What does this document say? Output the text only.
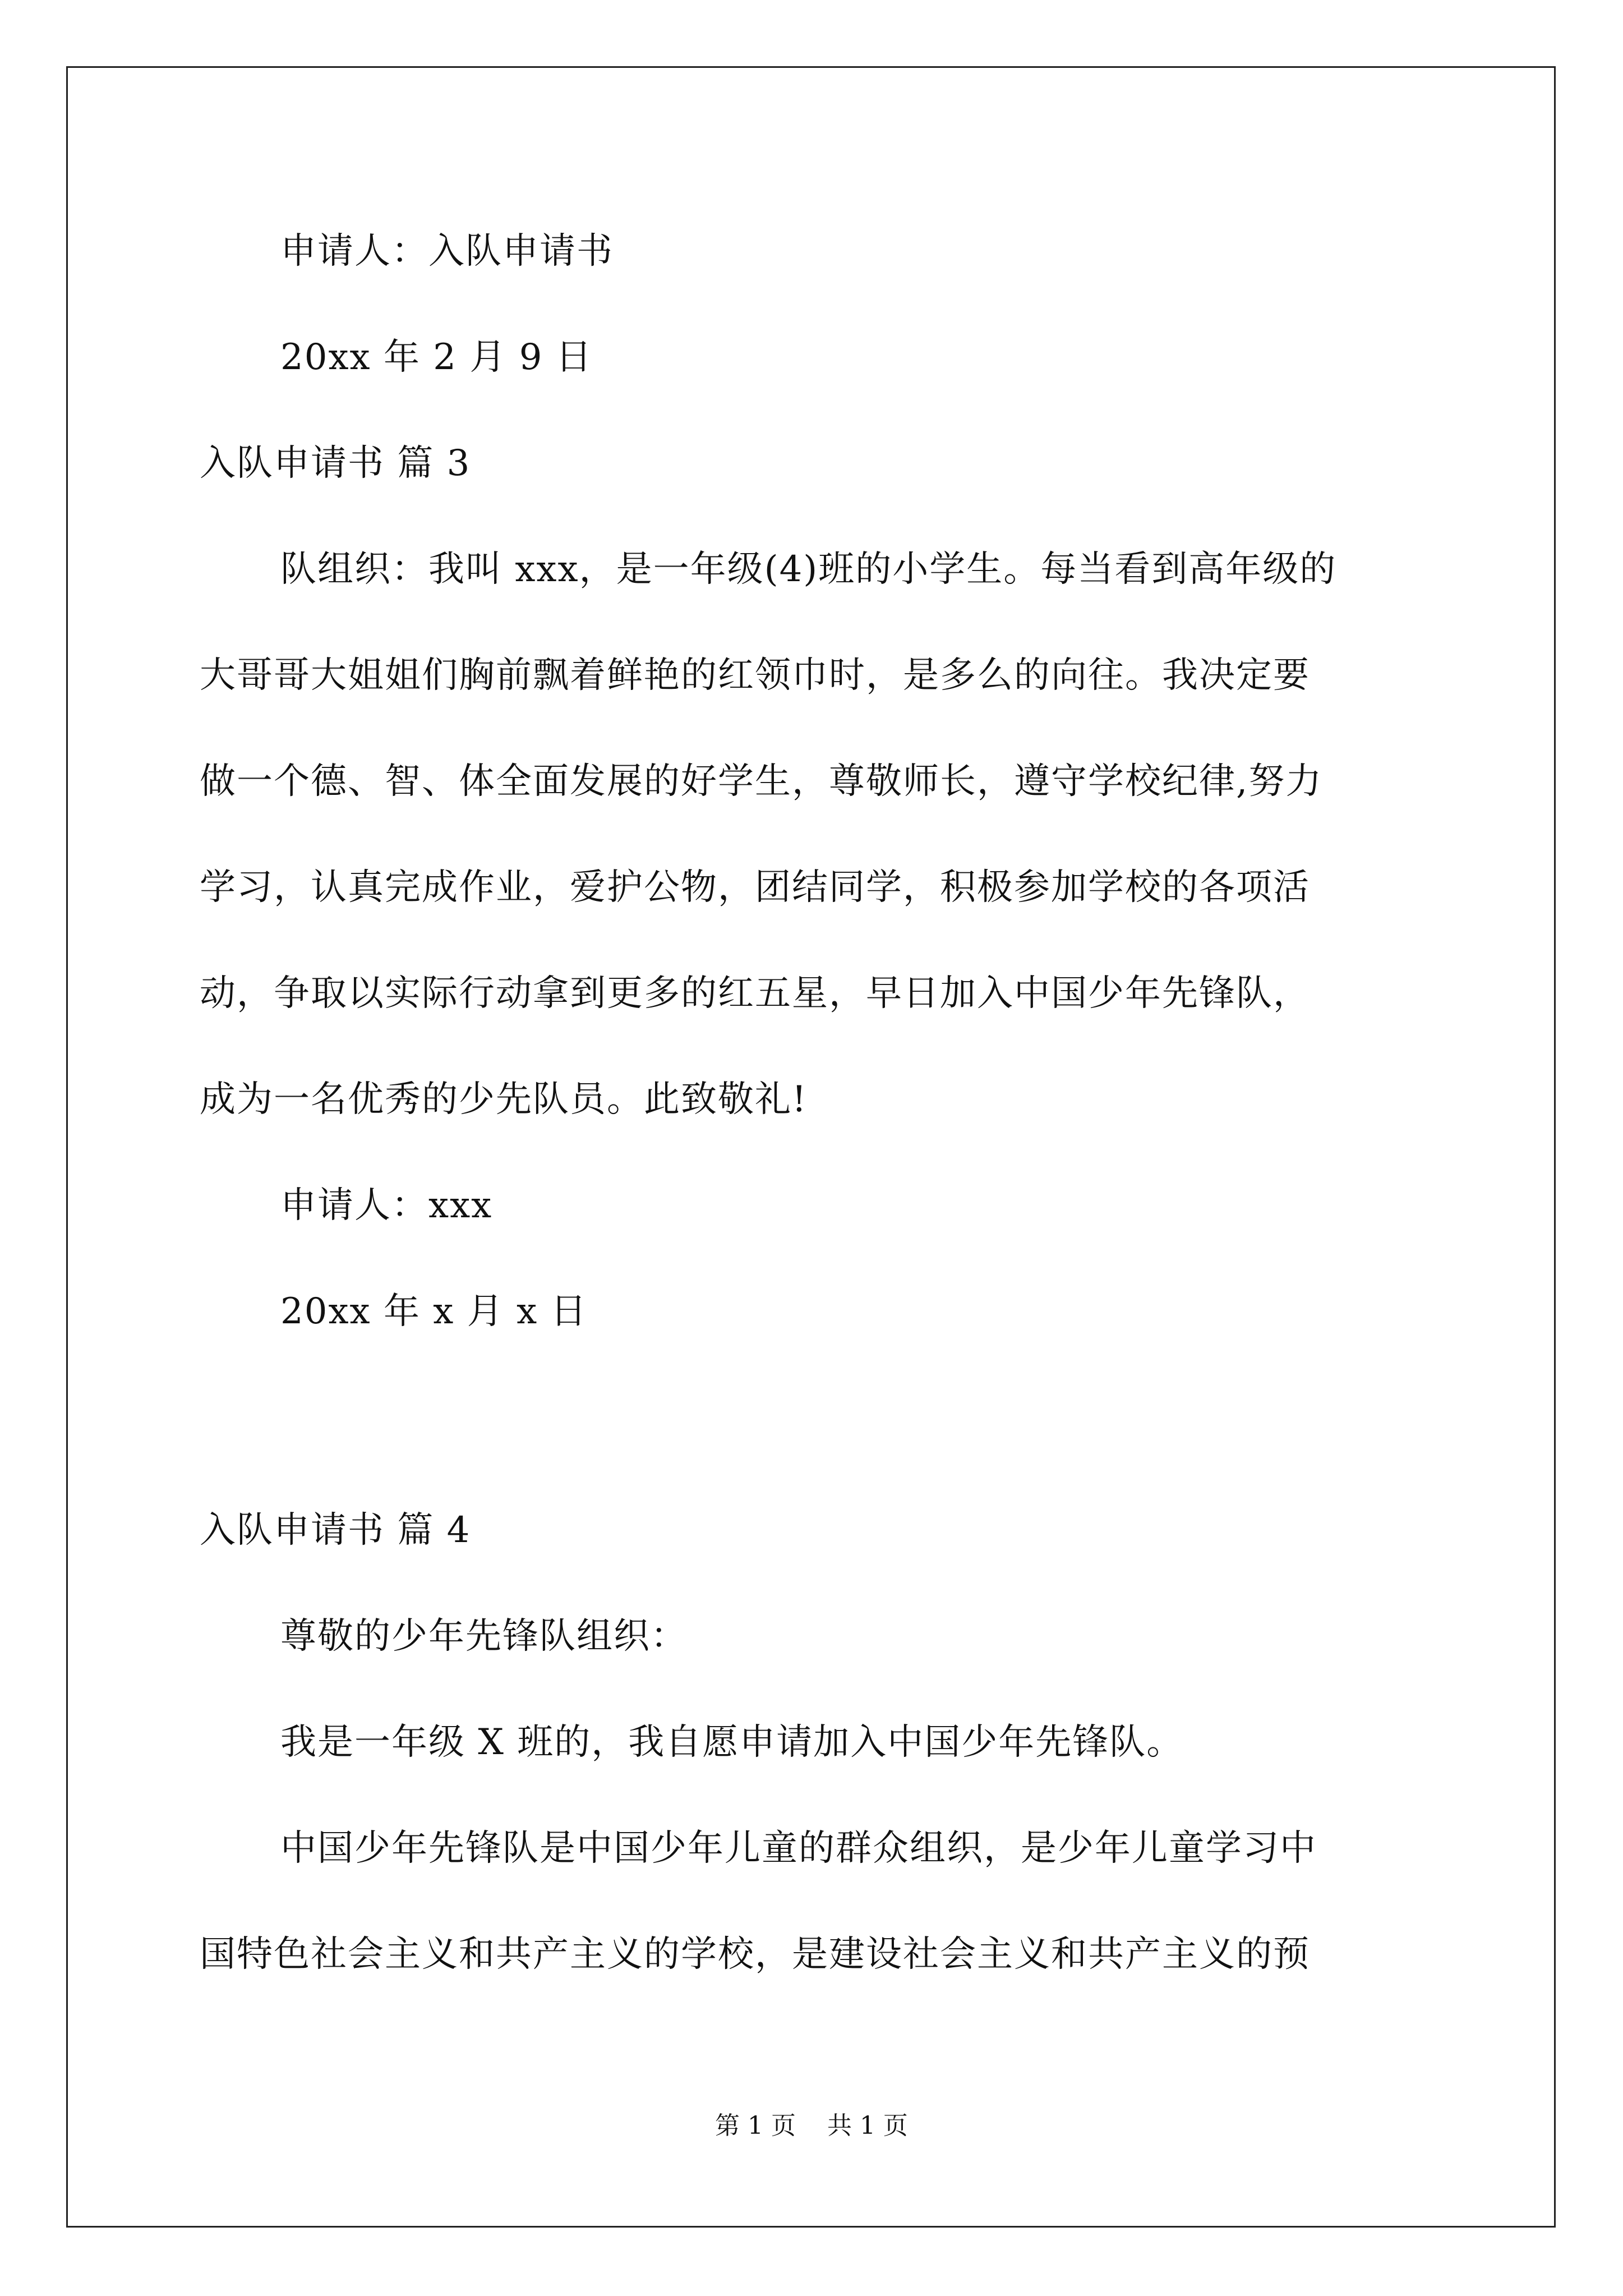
申请人：入队申请书
20xx 年 2 月 9 日
入队申请书 篇 3
队组织：我叫 xxx，是一年级(4)班的小学生。每当看到高年级的
大哥哥大姐姐们胸前飘着鲜艳的红领巾时，是多么的向往。我决定要
做一个德、智、体全面发展的好学生，尊敬师长，遵守学校纪律,努力
学习，认真完成作业，爱护公物，团结同学，积极参加学校的各项活
动，争取以实际行动拿到更多的红五星，早日加入中国少年先锋队，
成为一名优秀的少先队员。此致敬礼!
申请人：xxx
20xx 年 x 月 x 日
入队申请书 篇 4
尊敬的少年先锋队组织：
我是一年级 X 班的，我自愿申请加入中国少年先锋队。
中国少年先锋队是中国少年儿童的群众组织，是少年儿童学习中
国特色社会主义和共产主义的学校，是建设社会主义和共产主义的预
第 1 页    共 1 页
